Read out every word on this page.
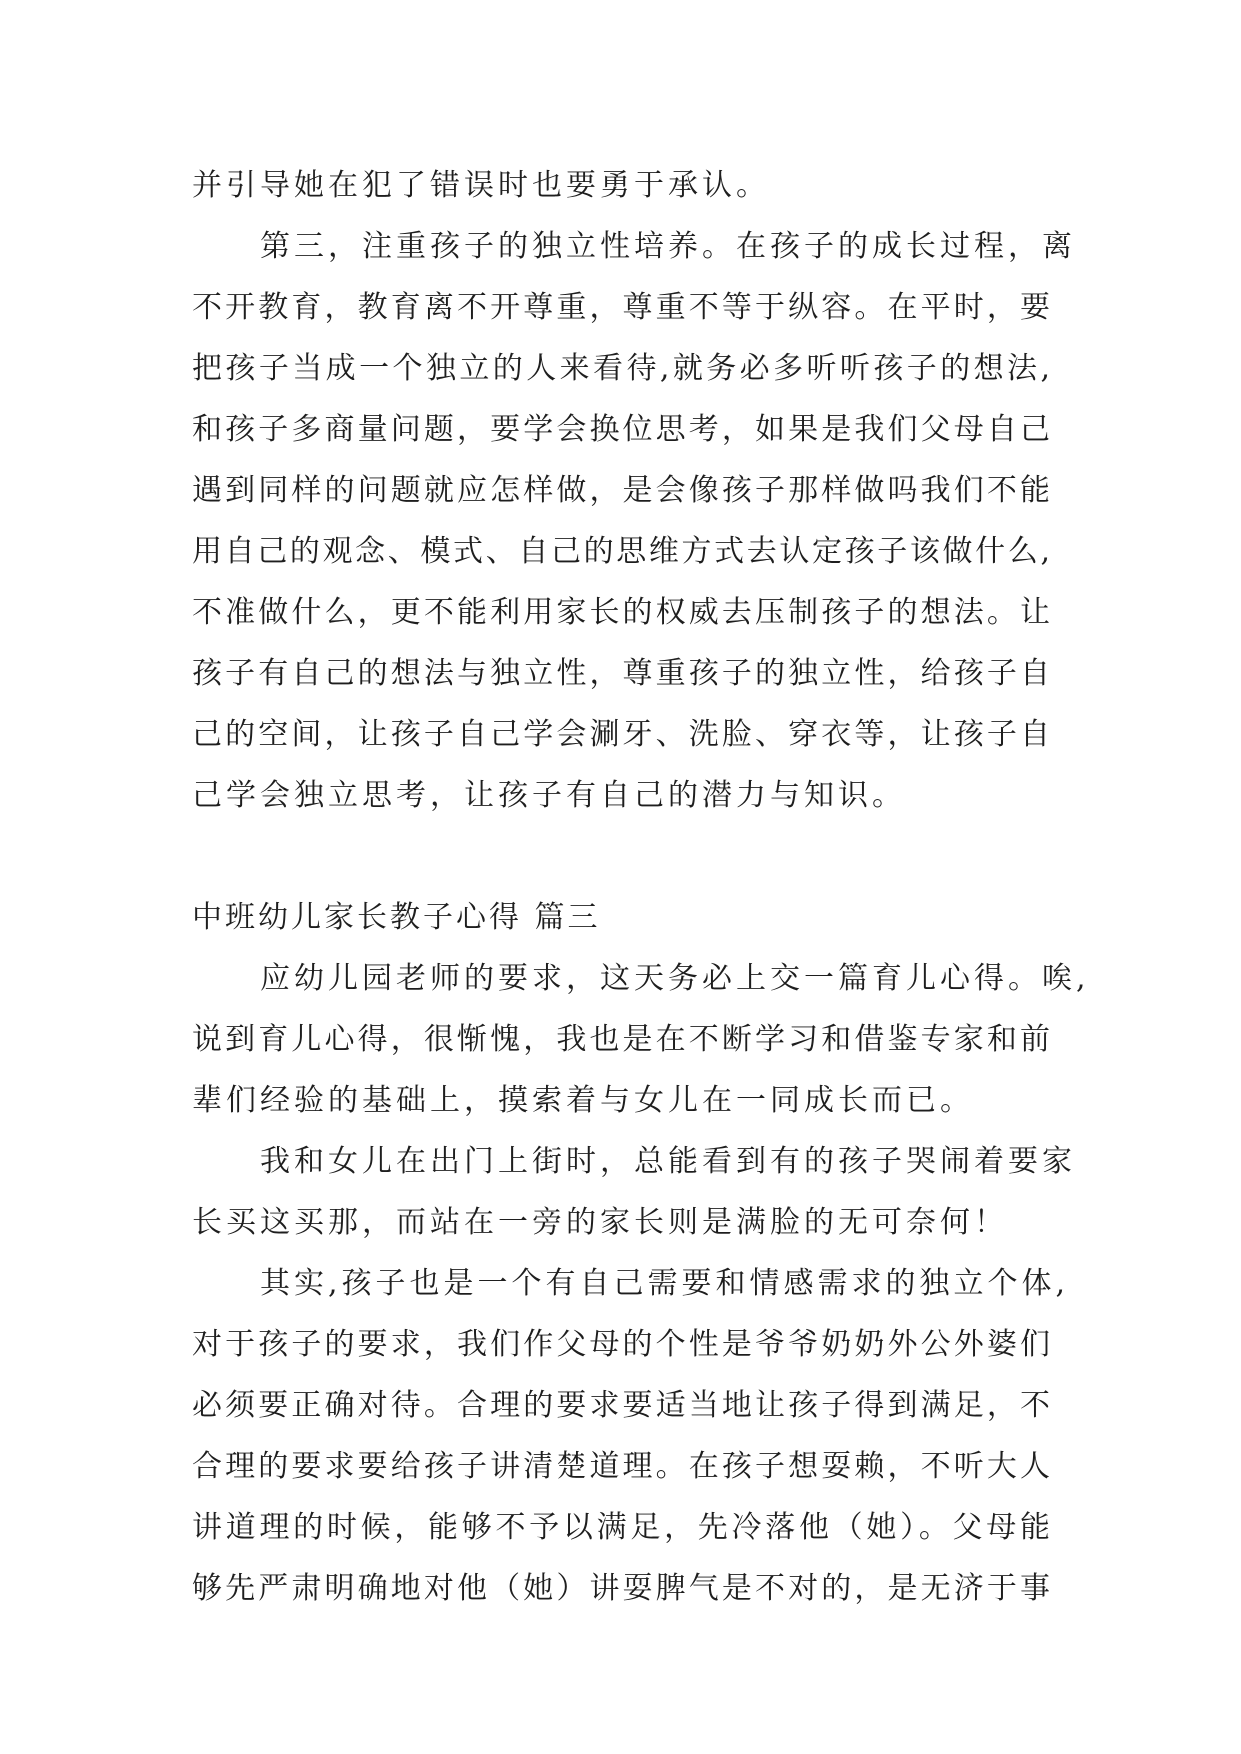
并引导她在犯了错误时也要勇于承认。
　　第三，注重孩子的独立性培养。在孩子的成长过程，离
不开教育，教育离不开尊重，尊重不等于纵容。在平时，要
把孩子当成一个独立的人来看待,就务必多听听孩子的想法,
和孩子多商量问题，要学会换位思考，如果是我们父母自己
遇到同样的问题就应怎样做，是会像孩子那样做吗我们不能
用自己的观念、模式、自己的思维方式去认定孩子该做什么,
不准做什么，更不能利用家长的权威去压制孩子的想法。让
孩子有自己的想法与独立性，尊重孩子的独立性，给孩子自
己的空间，让孩子自己学会涮牙、洗脸、穿衣等，让孩子自
己学会独立思考，让孩子有自己的潜力与知识。
中班幼儿家长教子心得 篇三
　　应幼儿园老师的要求，这天务必上交一篇育儿心得。唉,
说到育儿心得，很惭愧，我也是在不断学习和借鉴专家和前
辈们经验的基础上，摸索着与女儿在一同成长而已。
　　我和女儿在出门上街时，总能看到有的孩子哭闹着要家
长买这买那，而站在一旁的家长则是满脸的无可奈何！
　　其实,孩子也是一个有自己需要和情感需求的独立个体,
对于孩子的要求，我们作父母的个性是爷爷奶奶外公外婆们
必须要正确对待。合理的要求要适当地让孩子得到满足，不
合理的要求要给孩子讲清楚道理。在孩子想耍赖，不听大人
讲道理的时候，能够不予以满足，先冷落他（她）。父母能
够先严肃明确地对他（她）讲耍脾气是不对的，是无济于事
